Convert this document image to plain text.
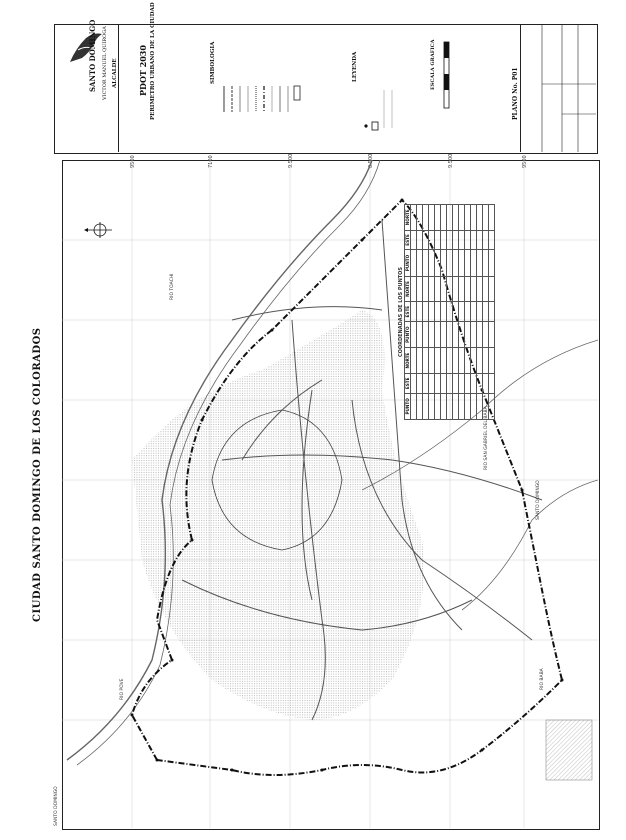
CIUDAD SANTO DOMINGO DE LOS COLORADOS
9500	7100	9.500	0.500	9.500	9500
COORDENADAS DE LOS PUNTOS
PUNTO	ESTE	NORTE	PUNTO	ESTE	NORTE	PUNTO	ESTE	NORTE

RIO SAN GABRIEL DEL BABA
RIO TOACHI
RIO POVE	RIO BABA
SANTO DOMINGO
SANTO DOMINGO VICTOR MANUEL QUIROGA ALCALDE	PDOT 2030 PERIMETRO URBANO DE LA CIUDAD	SIMBOLOGIA	LEYENDA	ESCALA GRAFICA
PLANO No. P01
SANTO DOMINGO
